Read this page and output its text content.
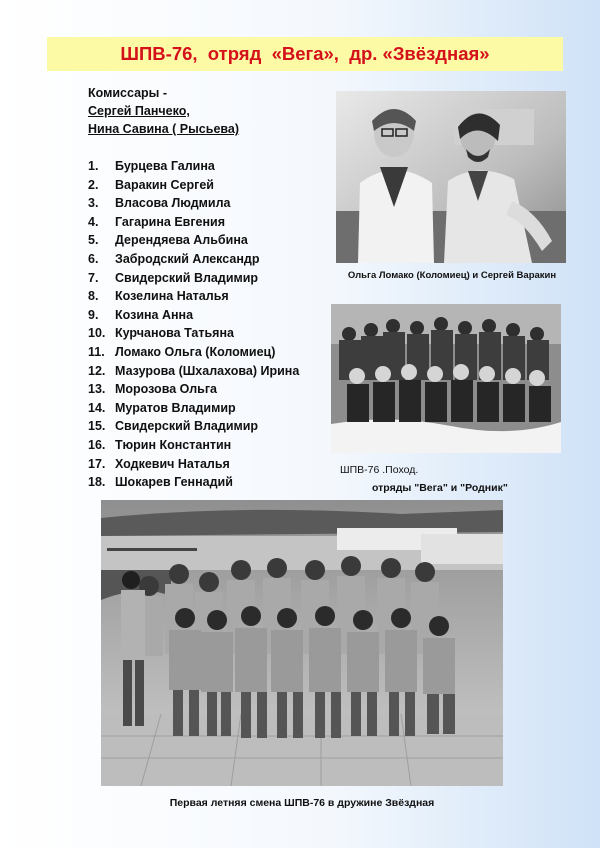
ШПВ-76,  отряд  «Вега»,  др. «Звёздная»
Комиссары -
Сергей Панчеко,
Нина Савина ( Рысьева)
1. Бурцева Галина
2. Варакин Сергей
3. Власова Людмила
4. Гагарина Евгения
5. Дерендяева Альбина
6. Забродский Александр
7. Свидерский Владимир
8. Козелина Наталья
9. Козина Анна
10. Курчанова Татьяна
11. Ломако Ольга (Коломиец)
12. Мазурова (Шхалахова) Ирина
13. Морозова Ольга
14. Муратов Владимир
15. Свидерский Владимир
16. Тюрин Константин
17. Ходкевич Наталья
18. Шокарев Геннадий
Ольга Ломако (Коломиец) и Сергей Варакин
ШПВ-76 .Поход.
отряды "Вега" и "Родник"
Первая летняя смена ШПВ-76 в дружине Звёздная
